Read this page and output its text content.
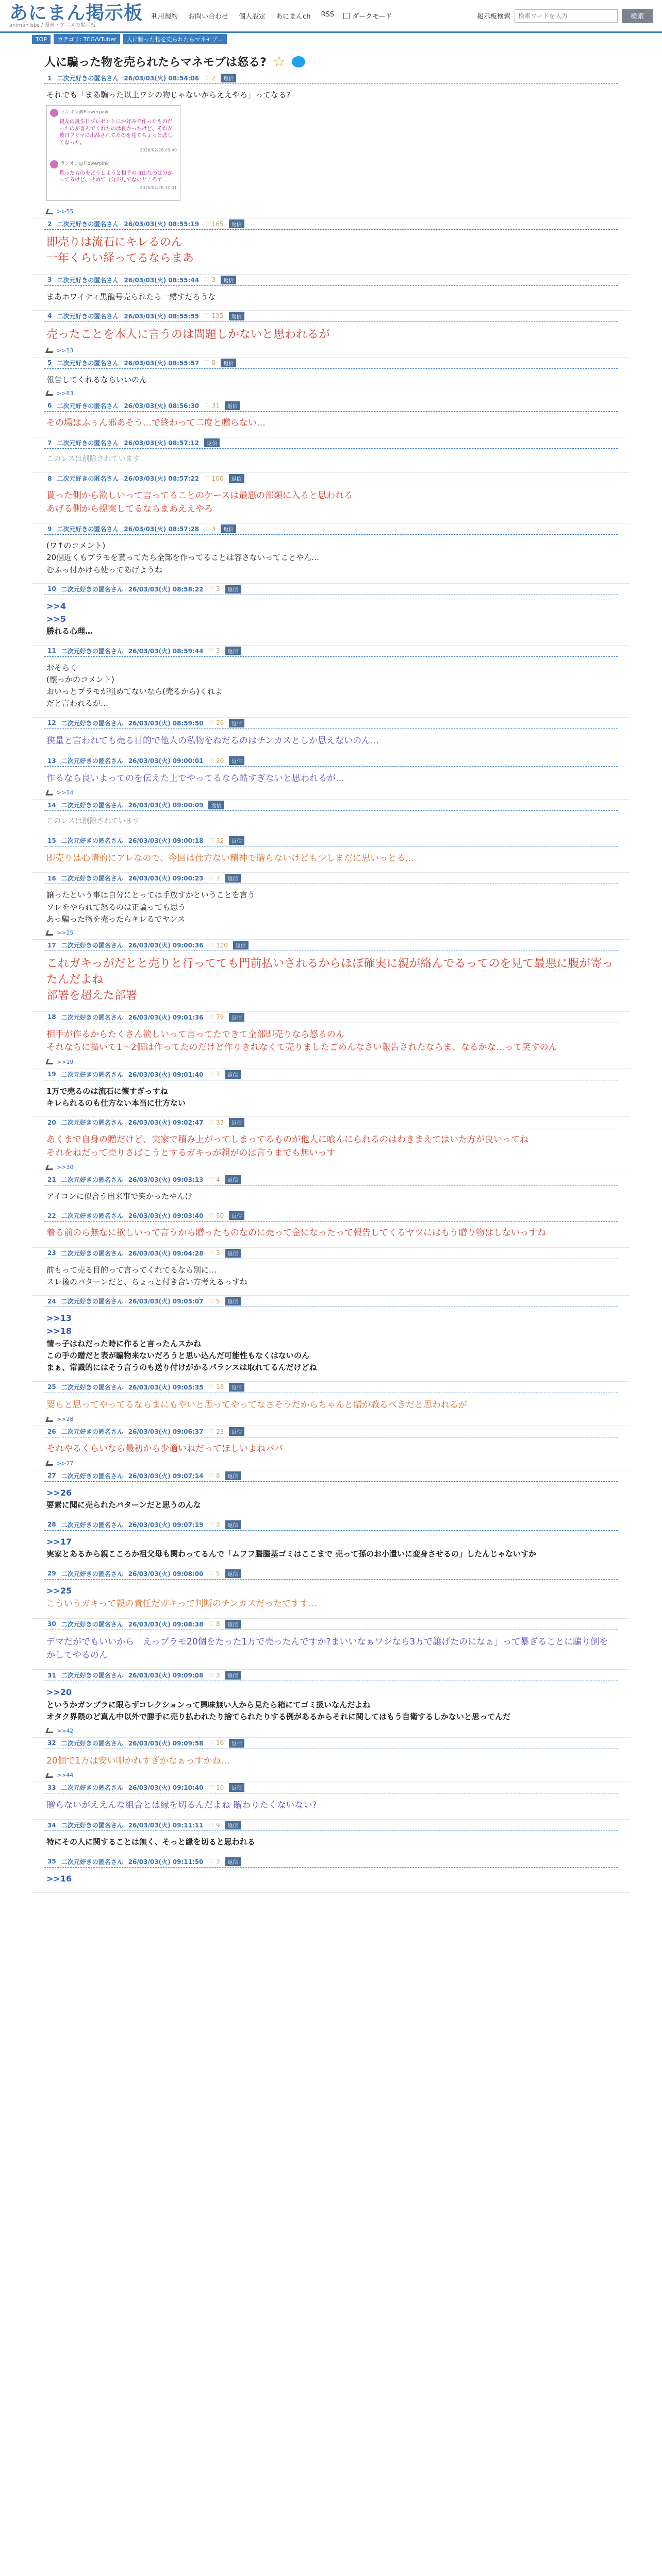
あにまん掲示板
animan bbs / 漫画・アニメの掲示板
利用規約 お問い合わせ 個人設定 あにまんch RSS	ダークモード	掲示板検索
検索ワードを入力	検索
TOP	カテゴリ: TCG/VTuber	人に騙った物を売られたらマネモブ…
人に騙った物を売られたらマネモブは怒る? ☆
1 二次元好きの匿名さん 26/03/03(火) 08:54:06 ♡ 2	返信
それでも「まあ騙った以上ワシの物じゃないからええやろ」ってなる?
ランオン@Flowerpink
親友の誕生日プレゼントにお好みで作ったものだったのが喜んでくれたのは良かったけど、それが後日フリマに出品されてたのを見てちょっと悲しくなった。
2026/02/28 09:40
ランオン@Flowerpink
貰ったものをどうしようと相手の自由なのは分かってるけど、せめて自分が見てないところで…
2026/02/28 10:01
>>55
2 二次元好きの匿名さん 26/03/03(火) 08:55:19 ♡ 165	返信
即売りは流石にキレるのん
一年くらい経ってるならまあ
3 二次元好きの匿名さん 26/03/03(火) 08:55:44 ♡ 3	返信
まあホワイティ黒龍号売られたら一縷すだろうな
4 二次元好きの匿名さん 26/03/03(火) 08:55:55 ♡ 135	返信
売ったことを本人に言うのは問題しかないと思われるが
>>13
5 二次元好きの匿名さん 26/03/03(火) 08:55:57 ♡ 8	返信
報告してくれるならいいのん
>>83
6 二次元好きの匿名さん 26/03/03(火) 08:56:30 ♡ 31	返信
その場はふぅん邪あそう…で終わって二度と贈らない…
7 二次元好きの匿名さん 26/03/03(火) 08:57:12	返信
このレスは削除されています
8 二次元好きの匿名さん 26/03/03(火) 08:57:22 ♡ 106	返信
貰った側から欲しいって言ってることのケースは最悪の部類に入ると思われる
あげる側から提案してるならまあええやろ
9 二次元好きの匿名さん 26/03/03(火) 08:57:28 ♡ 3	返信
(ワ↑のコメント)
20個近くもプラモを貰ってたら全部を作ってることは容さないってことやん…
むふっ付かけら使ってあげようね
10 二次元好きの匿名さん 26/03/03(火) 08:58:22 ♡ 3	返信
>>4
>>5
勝れる心理…
11 二次元好きの匿名さん 26/03/03(火) 08:59:44 ♡ 3	返信
おそらく
(懐っかのコメント)
おいっとプラモが組めてないなら(売るから)くれよ
だと言われるが…
12 二次元好きの匿名さん 26/03/03(火) 08:59:50 ♡ 26	返信
狭量と言われても売る目的で他人の私物をねだるのはチンカスとしか思えないのん…
13 二次元好きの匿名さん 26/03/03(火) 09:00:01 ♡ 20	返信
作るなら良いよってのを伝えた上でやってるなら酷すぎないと思われるが…
>>14
14 二次元好きの匿名さん 26/03/03(火) 09:00:09	返信
このレスは削除されています
15 二次元好きの匿名さん 26/03/03(火) 09:00:18 ♡ 32	返信
即売りは心情的にアレなので、今回は仕方ない精神で贈らないけども少しまだに思いっとる…
16 二次元好きの匿名さん 26/03/03(火) 09:00:23 ♡ 7	返信
譲ったという事は自分にとっては手放すかということを言う
ソレをやられて怒るのは正論っても思う
あっ騙った物を売ったらキレるでヤンス
>>15
17 二次元好きの匿名さん 26/03/03(火) 09:00:36 ♡ 120	返信
これガキっがだとと売りと行ってても門前払いされるからほぼ確実に親が絡んでるってのを見て最悪に腹が寄ったんだよね
部署を超えた部署
18 二次元好きの匿名さん 26/03/03(火) 09:01:36 ♡ 79	返信
相手が作るからたくさん欲しいって言ってたできて全部即売りなら怒るのん
それならに描いて1～2個は作ってたのだけど作りきれなくて売りましたごめんなさい報告されたならま、なるかな…って笑すのん
>>19
19 二次元好きの匿名さん 26/03/03(火) 09:01:40 ♡ 7	返信
1万で売るのは流石に懐すぎっすね
キレられるのも仕方ない本当に仕方ない
20 二次元好きの匿名さん 26/03/03(火) 09:02:47 ♡ 37	返信
あくまで自身の贈だけど、実家で積み上がってしまってるものが他人に喰んにられるのはわきまえてはいた方が良いってね
それをねだって売りさばこうとするガキっが親がのは言うまでも無いっす
>>30
21 二次元好きの匿名さん 26/03/03(火) 09:03:13 ♡ 4	返信
アイコンに似合う出来事で笑かったやんけ
22 二次元好きの匿名さん 26/03/03(火) 09:03:40 ♡ 50	返信
着る前のら無なに欲しいって言うから贈ったものなのに売って金になったって報告してくるヤツにはもう贈り物はしないっすね
23 二次元好きの匿名さん 26/03/03(火) 09:04:28 ♡ 3	返信
前もって売る目的って言ってくれてるなら別に…
スレ後のパターンだと、ちょっと付き合い方考えるっすね
24 二次元好きの匿名さん 26/03/03(火) 09:05:07 ♡ 5	返信
>>13
>>18
情っ子はねだった時に作ると言ったんスかね
この手の贈だと表が騙物来ないだろうと思い込んだ可能性もなくはないのん
まぁ、常識的にはそう言うのも送り付けがかるパランスは取れてるんだけどね
25 二次元好きの匿名さん 26/03/03(火) 09:05:35 ♡ 18	返信
要らと思ってやってるならまにもやいと思ってやってなさそうだからちゃんと贈が教るべきだと思われるが
>>28
26 二次元好きの匿名さん 26/03/03(火) 09:06:37 ♡ 23	返信
それやるくらいなら最初から少適いねだってほしいよねパパ
>>27
27 二次元好きの匿名さん 26/03/03(火) 09:07:14 ♡ 8	返信
>>26
要素に聞に売られたパターンだと思うのんな
28 二次元好きの匿名さん 26/03/03(火) 09:07:19 ♡ 3	返信
>>17
実家とあるから親こころか祖父母も関わってるんで「ムフフ騰騰基ゴミはここまで 売って孫のお小遣いに変身させるの」したんじゃないすか
29 二次元好きの匿名さん 26/03/03(火) 09:08:00 ♡ 5	返信
>>25
こういうガキって親の責任だガキって判断のチンカスだったですす…
30 二次元好きの匿名さん 26/03/03(火) 09:08:38 ♡ 8	返信
デマだがでもいいから「えっプラモ20個をたった1万で売ったんですか?まいいなぁワシなら3万で譲げたのになぁ」って暴ぎることに騙り倒をかしてやるのん
31 二次元好きの匿名さん 26/03/03(火) 09:09:08 ♡ 3	返信
>>20
というかガンプラに限らずコレクションって興味無い人から見たら箱にてゴミ扱いなんだよね
オタク界隈のど真ん中以外で勝手に売り払われたり捨てられたりする例があるからそれに関してはもう自衛するしかないと思ってんだ
>>42
32 二次元好きの匿名さん 26/03/03(火) 09:09:58 ♡ 16	返信
20個で1万は安い叩かれすぎかなぁっすかね…
>>44
33 二次元好きの匿名さん 26/03/03(火) 09:10:40 ♡ 16	返信
贈らないがええんな組合とは縁を切るんだよね 贈わりたくないない?
34 二次元好きの匿名さん 26/03/03(火) 09:11:11 ♡ 9	返信
特にその人に関することは無く、そっと縁を切ると思われる
35 二次元好きの匿名さん 26/03/03(火) 09:11:50 ♡ 3	返信
>>16
